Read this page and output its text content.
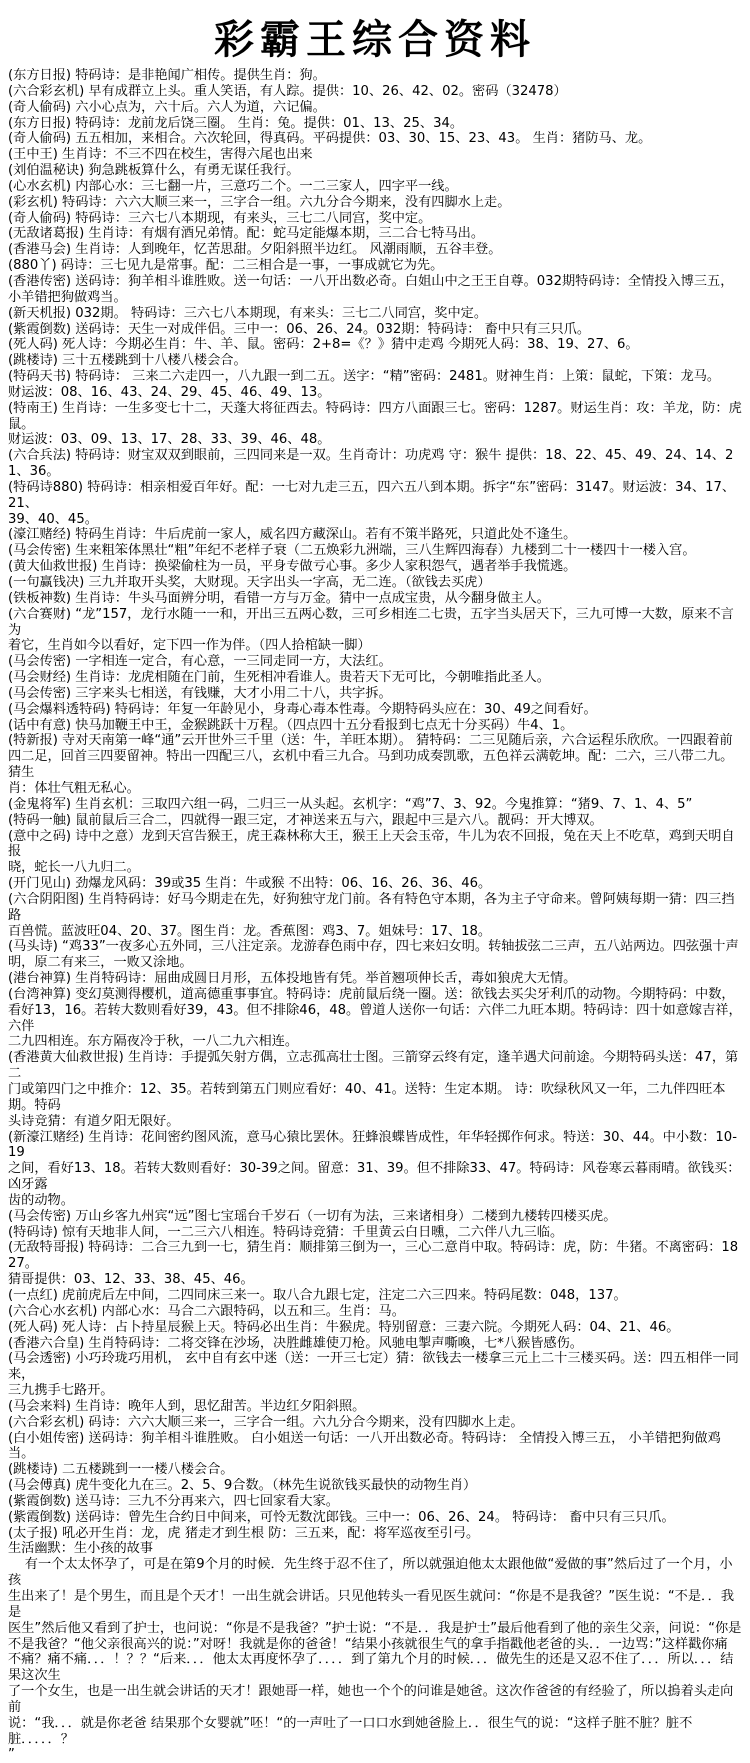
彩霸王综合资料
(东方日报) 特码诗：是非艳闻广相传。提供生肖：狗。
(六合彩玄机) 早有成群立上头。重人笑语，有人踪。提供：10、26、42、02。密码（32478）
(奇人偷码) 六小心点为，六十后。六人为道，六记偏。
(东方日报) 特码诗：龙前龙后饶三圈。 生肖：兔。提供：01、13、25、34。
(奇人偷码) 五五相加，来相合。六次轮回，得真码。平码提供：03、30、15、23、43。 生肖：猪防马、龙。
(王中王) 生肖诗：不三不四在校生，害得六尾也出来
(刘伯温秘诀) 狗急跳板算什么，有勇无谋任我行。
(心水玄机) 内部心水：三七翻一片，三意巧二个。一二三家人，四字平一线。
(彩玄机) 特码诗：六六大顺三来一，三字合一组。六九分合今期来，没有四脚水上走。
(奇人偷码) 特码诗：三六七八本期现，有来头，三七二八同宫，奖中定。
(无敌诸葛报) 生肖诗：有烟有酒兄弟情。配：蛇马定能爆本期，三二合七特马出。
(香港马会) 生肖诗：人到晚年，忆苦思甜。夕阳斜照半边红。 风潮雨顺，五谷丰登。
(880丫) 码诗：三七见九是常事。配：二三相合是一事，一事成就它为先。
(香港传密) 送码诗：狗羊相斗谁胜败。送一句话：一八开出数必奇。白姐山中之王王自尊。032期特码诗：全情投入博三五，
小羊错把狗做鸡当。
(新天机报) 032期。 特码诗：三六七八本期现，有来头：三七二八同宫，奖中定。
(紫霞倒数) 送码诗：天生一对成伴侣。三中一：06、26、24。032期：特码诗： 畜中只有三只爪。
(死人码) 死人诗：今期必生肖：牛、羊、鼠。密码：2+8=《？》猜中走鸡 今期死人码：38、19、27、6。
(跳楼诗) 三十五楼跳到十八楼八楼会合。
(特码天书) 特码诗： 三来二六走四一，八九跟一到二五。送字：“精”密码：2481。财神生肖：上策：鼠蛇，下策：龙马。
财运波：08、16、43、24、29、45、46、49、13。
(特南王) 生肖诗：一生多变七十二，天蓬大将征西去。特码诗：四方八面跟三七。密码：1287。财运生肖：攻：羊龙，防：虎鼠。
财运波：03、09、13、17、28、33、39、46、48。
(六合兵法) 特码诗：财宝双双到眼前，三四同来是一双。生肖奇计：功虎鸡 守：猴牛 提供：18、22、45、49、24、14、21、36。
(特码诗880) 特码诗：相亲相爱百年好。配：一七对九走三五，四六五八到本期。拆字“东”密码：3147。财运波：34、17、21、
39、40、45。
(濠江赌经) 特码生肖诗：牛后虎前一家人，威名四方藏深山。若有不策半路死，只道此处不逢生。
(马会传密) 生来粗笨体黑壮“粗”年纪不老样子衰（二五焕彩九洲端，三八生辉四海春）九楼到二十一楼四十一楼入宫。
(黄大仙救世报) 生肖诗：换梁偷柱为一员，平身专做亏心事。多少人家积怨气，遇者举手我慌逃。
(一句赢钱决) 三九并取开头奖，大财现。天字出头一字高，无二连。（欲钱去买虎）
(铁板神数) 生肖诗：牛头马面辨分明，看错一方与万金。猜中一点成宝贵，从今翻身做主人。
(六合赛财) “龙”157，龙行水随一一和，开出三五两心数，三可乡相连二七贵，五字当头居天下，三九可博一大数，原来不言为
着它，生肖如今以看好，定下四一作为伴。（四人拾棺缺一脚）
(马会传密) 一字相连一定合，有心意，一三同走同一方，大法红。
(马会财经) 生肖诗：龙虎相随在门前，生死相冲看谁人。贵若天下无可比，今朝唯指此圣人。
(马会传密) 三字来头七相送，有钱赚，大才小用二十八，共字拆。
(马会爆料透特码) 特码诗：年复一年龄见小，身毒心毒本性毒。今期特码头应在：30、49之间看好。
(话中有意) 快马加鞭王中王，金猴跳跃十万程。（四点四十五分看报到七点无十分买码）牛4、1。
(特新报) 寺对天南第一峰“通”云开世外三千里（送：牛，羊旺本期）。 猜特码：二三见随后亲，六合运程乐欣欣。一四跟着前
四二足，回首三四要留神。特出一四配三八，玄机中看三九合。马到功成奏凯歌，五色祥云满乾坤。配：二六，三八带二九。猜生
肖：体壮气粗无私心。
(金鬼将军) 生肖玄机：三取四六组一码，二归三一从头起。玄机字：“鸡”7、3、92。今鬼推算：“猪9、7、1、4、5”
(特码一触) 鼠前鼠后三合二，四就得一跟三定，才神送来五与六，跟起中三是六八。靓码：开大博双。
(意中之码) 诗中之意）龙到天宫告猴王，虎王森林称大王，猴王上天会玉帝，牛儿为农不回报，兔在天上不吃草，鸡到天明自报
晓，蛇长一八九归二。
(开门见山) 劲爆龙风码：39或35 生肖：牛或猴 不出特：06、16、26、36、46。
(六合阴阳图) 生肖特码诗：好马今期走在先，好狗独守龙门前。各有特色守本期，各为主子守命来。曾阿姨每期一猜：四三挡路
百兽慌。蓝波旺04、20、37。图生肖：龙。香蕉图：鸡3、7。姐妹号：17、18。
(马头诗) “鸡33”一夜多心五外同，三八注定亲。龙游春色雨中存，四七来妇女明。转轴拔弦二三声，五八站两边。四弦强十声
明，原二有来三，一败又涂地。
(港台神算) 生肖特码诗：屈曲成圆日月形，五体投地皆有凭。举首翘项伸长舌，毒如狼虎大无情。
(台湾神算) 变幻莫测得樱机，道高德重事事宜。特码诗：虎前鼠后绕一圈。送：欲钱去买尖牙利爪的动物。今期特码：中数，
看好13，16。若转大数则看好39，43。但不排除46，48。曾道人送你一句话：六伴二九旺本期。特码诗：四十如意嫁吉祥，六伴
二九四相连。东方隔夜冷于秋，一八二九六相连。
(香港黄大仙救世报) 生肖诗：手提弧矢射方偶，立志孤高壮士图。三箭穿云终有定，逢羊遇犬问前途。今期特码头送：47，第二
门或第四门之中推介：12、35。若转到第五门则应看好：40、41。送特：生定本期。 诗：吹绿秋风又一年，二九伴四旺本期。特码
头诗竞猜：有道夕阳无限好。
(新濠江赌经) 生肖诗：花间密约图风流，意马心猿比罢休。狂蜂浪蝶皆成性，年华轻掷作何求。特送：30、44。中小数：10-19
之间，看好13、18。若转大数则看好：30-39之间。留意：31、39。但不排除33、47。特码诗：风卷寒云暮雨晴。欲钱买：凶牙露
齿的动物。
(马会传密) 万山乡客九州宾“远”图七宝瑶台千岁石（一切有为法，三来诸相身）二楼到九楼转四楼买虎。
(特码诗) 惊有天地非人间，一二三六八相连。特码诗竞猜：千里黄云白日曛，二六伴八九三临。
(无敌特哥报) 特码诗：二合三九到一七，猜生肖：顺排第三倒为一，三心二意肖中取。特码诗：虎，防：牛猪。不离密码：1827。
猜哥提供：03、12、33、38、45、46。
(一点红) 虎前虎后左中间，二四同床三来一。取八合九跟七定，注定二六三四来。特码尾数：048，137。
(六合心水玄机) 内部心水：马合二六跟特码，以五和三。生肖：马。
(死人码) 死人诗：占卜持星辰猴上天。特码必出生肖：牛猴虎。特别留意：三妻六院。今期死人码：04、21、46。
(香港六合皇) 生肖特码诗：二将交锋在沙场，决胜雌雄使刀枪。风驰电掣声嘶喚，七*八猴皆感伤。
(马会透密) 小巧玲珑巧用机， 玄中自有玄中迷（送：一开三七定）猜：欲钱去一楼拿三元上二十三楼买码。送：四五相伴一同来，
三九携手七路开。
(马会来料) 生肖诗：晚年人到，思忆甜苦。半边红夕阳斜照。
(六合彩玄机) 码诗：六六大顺三来一，三字合一组。六九分合今期来，没有四脚水上走。
(白小姐传密) 送码诗：狗羊相斗谁胜败。 白小姐送一句话：一八开出数必奇。特码诗： 全情投入博三五， 小羊错把狗做鸡当。
(跳楼诗) 二五楼跳到一一楼八楼会合。
(马会傅真) 虎牛变化九在三。2、5、9合数。（林先生说欲钱买最快的动物生肖）
(紫霞倒数) 送马诗：三九不分再来六，四七回家看大家。
(紫霞倒数) 送码诗：曾先生合约日中间来，可怜无数沈郎钱。三中一：06、26、24。 特码诗： 畜中只有三只爪。
(太子报) 吼必开生肖：龙，虎 猪走才到生根 防：三五来，配：将军巡夜至引弓。
生活幽默：生小孩的故事
有一个太太怀孕了，可是在第9个月的时候．先生终于忍不住了，所以就强迫他太太跟他做“爱做的事”然后过了一个月，小孩
生出来了！是个男生，而且是个天才！一出生就会讲话。只见他转头一看见医生就问：“你是不是我爸？”医生说：“不是．．我是
医生”然后他又看到了护士，也问说：“你是不是我爸？”护士说：“不是．．我是护士”最后他看到了他的亲生父亲，问说：“你是
不是我爸？“他父亲很高兴的说：”对呀！我就是你的爸爸！“结果小孩就很生气的拿手指戳他老爸的头．．一边骂：”这样戳你痛
不痛？痛不痛．．．！？？“后来．．．他太太再度怀孕了．．．．到了第九个月的时候．．．做先生的还是又忍不住了．．．所以．．．结果这次生
了一个女生，也是一出生就会讲话的天才！跟她哥一样，她也一个个的问谁是她爸。这次作爸爸的有经验了，所以摀着头走向前
说：“我．．．就是你老爸 结果那个女婴就”呸！“的一声吐了一口口水到她爸脸上．．很生气的说：“这样子脏不脏？脏不脏．．．．．？
”
